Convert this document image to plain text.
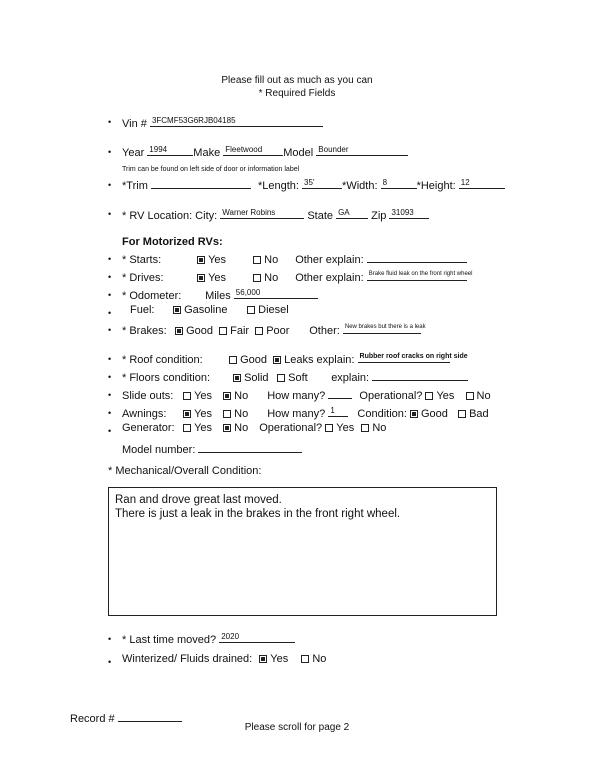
Please fill out as much as you can
* Required Fields
• Vin # 3FCMF53G6RJB04185
• Year 1994 Make Fleetwood Model Bounder
Trim can be found on left side of door or information label
• *Trim	*Length: 35'	*Width: 8	*Height: 12
• * RV Location: City: Warner Robins	State GA Zip 31093
For Motorized RVs:
• * Starts:	Yes	No Other explain:
• * Drives:	Yes	No Other explain: Brake fluid leak on the front right wheel
• * Odometer: Miles 56,000
• Fuel:	Gasoline	Diesel
• * Brakes: Good Fair Poor Other: New brakes but there is a leak
• * Roof condition:	Good Leaks explain: Rubber roof cracks on right side
• * Floors condition:	Solid Soft explain:
• Slide outs: Yes No How many?	Operational? Yes No
• Awnings:	Yes No How many? 1 Condition: Good Bad
• Generator: Yes No Operational? Yes No
Model number:
* Mechanical/Overall Condition:
Ran and drove great last moved.
There is just a leak in the brakes in the front right wheel.
• * Last time moved? 2020
• Winterized/ Fluids drained: Yes No
Record #
Please scroll for page 2
